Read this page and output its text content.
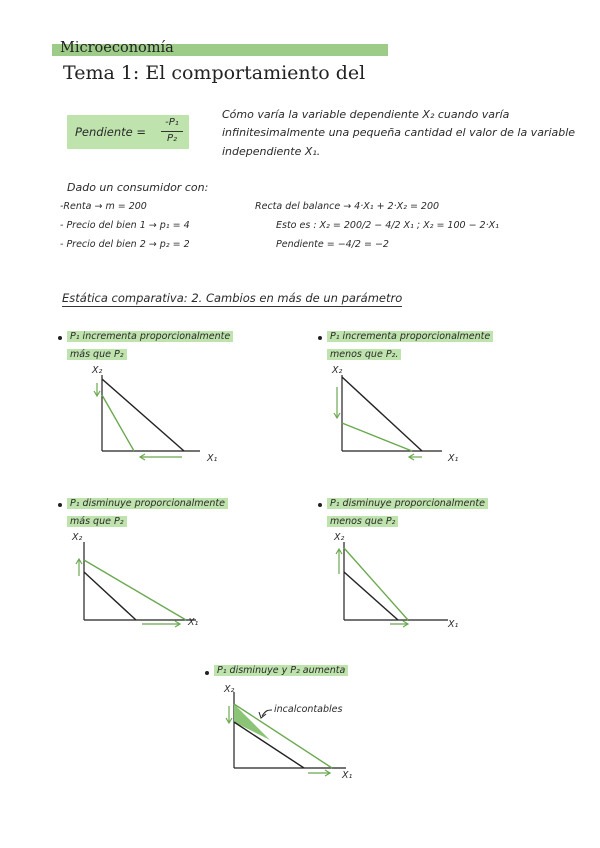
Microeconomía
Tema 1: El comportamiento del
Pendiente =
-P₁
P₂
Cómo varía la variable dependiente X₂ cuando varía
infinitesimalmente una pequeña cantidad el valor de la variable
independiente X₁.
Dado un consumidor con:
-Renta → m = 200
- Precio del bien 1 → p₁ = 4
- Precio del bien 2 → p₂ = 2
Recta del balance → 4·X₁ + 2·X₂ = 200
Esto es : X₂ = 200/2 − 4/2 X₁ ; X₂ = 100 − 2·X₁
Pendiente = −4/2 = −2
Estática comparativa: 2. Cambios en más de un parámetro
P₁ incrementa proporcionalmente
más que P₂
P₁ incrementa proporcionalmente
menos que P₂.
P₁ disminuye proporcionalmente
más que P₂
P₁ disminuye proporcionalmente
menos que P₂
P₁ disminuye y P₂ aumenta
X₂
X₁
X₂
X₁
X₂
X₁
X₂
X₁
X₂
X₁
incalcontables
